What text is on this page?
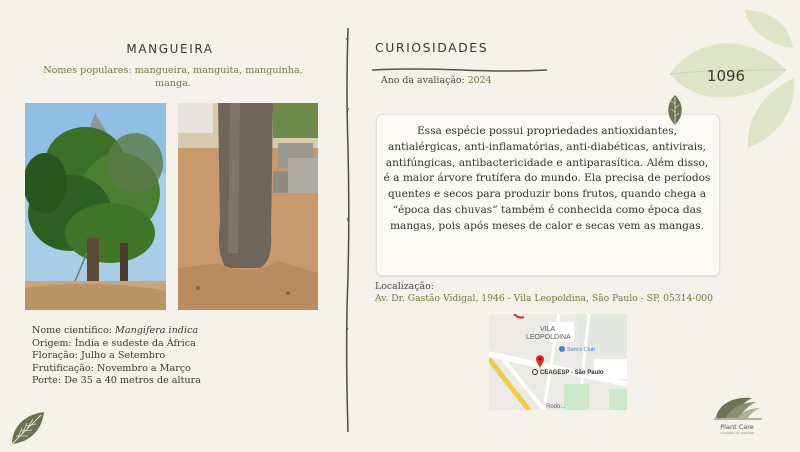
MANGUEIRA
Nomes populares: mangueira, manguita, manguinha, manga.
Nome científico: Mangifera indica
Origem: Índia e sudeste da África
Floração: Julho a Setembro
Frutificação: Novembro a Março
Porte: De 35 a 40 metros de altura
CURIOSIDADES
Ano da avaliação: 2024
Essa espécie possui propriedades antioxidantes, antialérgicas, anti-inflamatórias, anti-diabéticas, antivirais, antifúngicas, antibactericidade e antiparasítica. Além disso, é a maior árvore frutífera do mundo. Ela precisa de períodos quentes e secos para produzir bons frutos, quando chega a “época das chuvas” também é conhecida como época das mangas, pois após meses de calor e secas vem as mangas.
Localização:
Av. Dr. Gastão Vidigal, 1946 - Vila Leopoldina, São Paulo - SP, 05314-000
VILA
LEOPOLDINA
Sam's Club
CEAGESP - São Paulo
Rodo...
1096
Plant Care
cuidado de plantas
